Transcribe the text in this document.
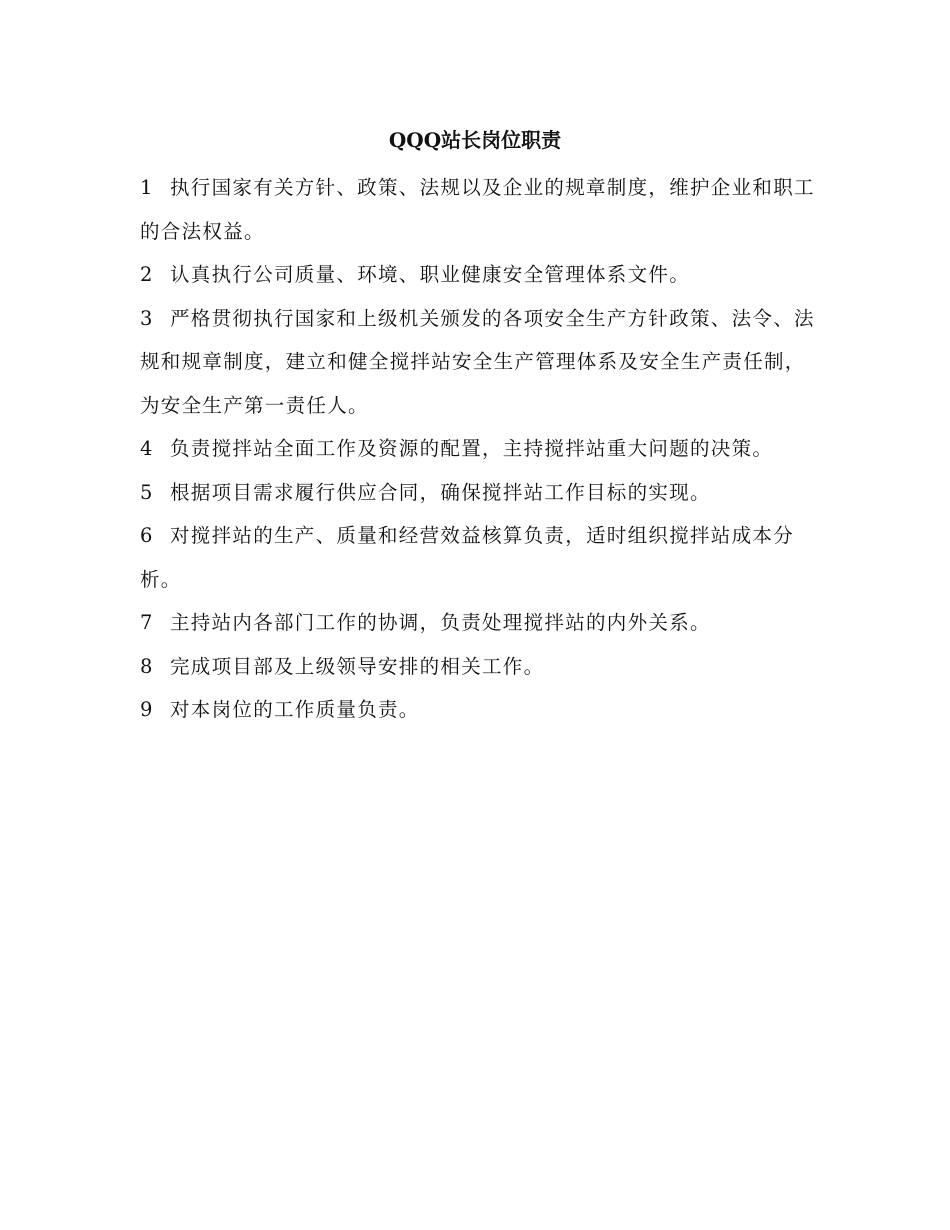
QQQ站长岗位职责

1 执行国家有关方针、政策、法规以及企业的规章制度，维护企业和职工的合法权益。

2 认真执行公司质量、环境、职业健康安全管理体系文件。

3 严格贯彻执行国家和上级机关颁发的各项安全生产方针政策、法令、法规和规章制度，建立和健全搅拌站安全生产管理体系及安全生产责任制，为安全生产第一责任人。

4 负责搅拌站全面工作及资源的配置，主持搅拌站重大问题的决策。

5 根据项目需求履行供应合同，确保搅拌站工作目标的实现。

6 对搅拌站的生产、质量和经营效益核算负责，适时组织搅拌站成本分析。

7 主持站内各部门工作的协调，负责处理搅拌站的内外关系。

8 完成项目部及上级领导安排的相关工作。

9 对本岗位的工作质量负责。
